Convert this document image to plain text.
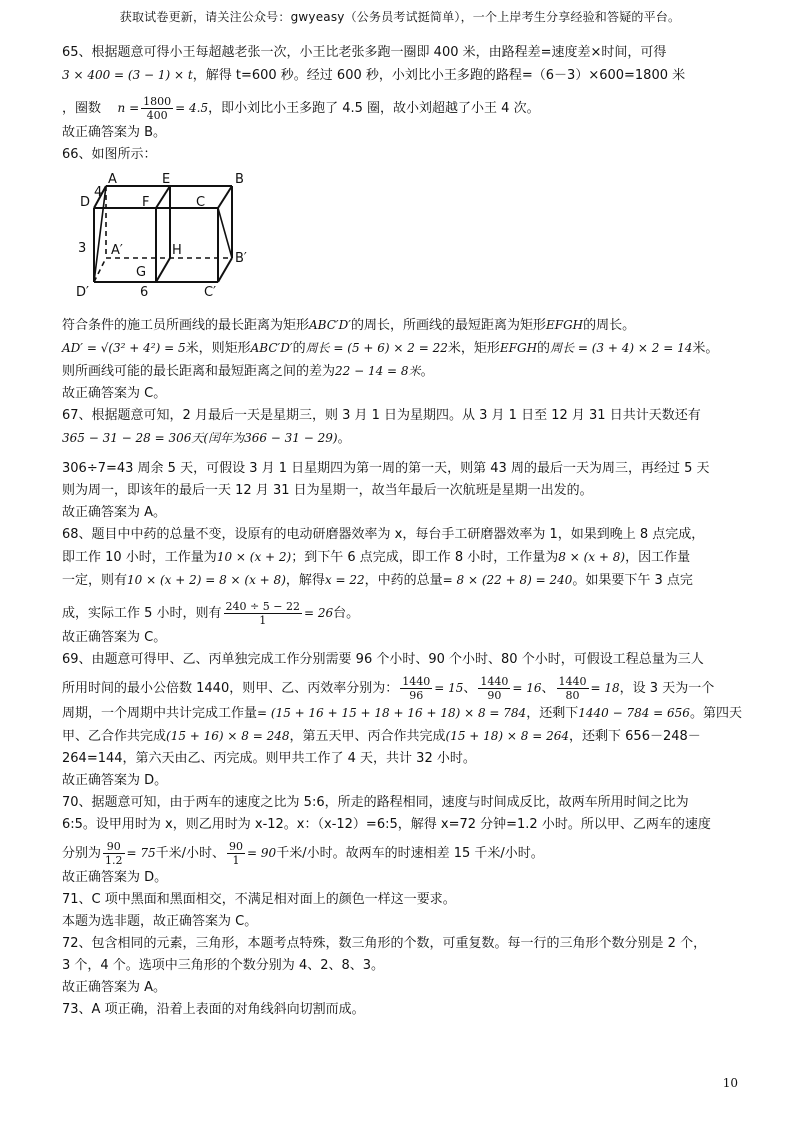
获取试卷更新，请关注公众号：gwyeasy（公务员考试挺简单），一个上岸考生分享经验和答疑的平台。

65、根据题意可得小王每超越老张一次，小王比老张多跑一圈即 400 米，由路程差=速度差×时间，可得

3 × 400 = (3 − 1) × t，解得 t=600 秒。经过 600 秒，小刘比小王多跑的路程=（6－3）×600=1800 米

，圈数 $n = \frac{1800}{400} = 4.5$，即小刘比小王多跑了 4.5 圈，故小刘超越了小王 4 次。

故正确答案为 B。

66、如图所示：

A	E	B
D
4
F	C
3 A′	H
B′
G
6
D′	C′

符合条件的施工员所画线的最长距离为矩形ABC′D′的周长，所画线的最短距离为矩形EFGH的周长。

AD′ = √(3² + 4²) = 5米，则矩形ABC′D′的周长 = (5 + 6) × 2 = 22米，矩形EFGH的周长 = (3 + 4) × 2 = 14米。

则所画线可能的最长距离和最短距离之间的差为22 − 14 = 8米。

故正确答案为 C。

67、根据题意可知，2 月最后一天是星期三，则 3 月 1 日为星期四。从 3 月 1 日至 12 月 31 日共计天数还有

365 − 31 − 28 = 306天(闰年为366 − 31 − 29)。

306÷7=43 周余 5 天，可假设 3 月 1 日星期四为第一周的第一天，则第 43 周的最后一天为周三，再经过 5 天

则为周一，即该年的最后一天 12 月 31 日为星期一，故当年最后一次航班是星期一出发的。

故正确答案为 A。

68、题目中中药的总量不变，设原有的电动研磨器效率为 x，每台手工研磨器效率为 1，如果到晚上 8 点完成，

即工作 10 小时，工作量为10 × (x + 2)；到下午 6 点完成，即工作 8 小时，工作量为8 × (x + 8)，因工作量

一定，则有10 × (x + 2) = 8 × (x + 8)，解得x = 22，中药的总量= 8 × (22 + 8) = 240。如果要下午 3 点完

成，实际工作 5 小时，则有 $\frac{240 \div 5 - 22}{1} = 26$台。

故正确答案为 C。

69、由题意可得甲、乙、丙单独完成工作分别需要 96 个小时、90 个小时、80 个小时，可假设工程总量为三人

所用时间的最小公倍数 1440，则甲、乙、丙效率分别为： $\frac{1440}{96} = 15$、 $\frac{1440}{90} = 16$、 $\frac{1440}{80} = 18$，设 3 天为一个

周期，一个周期中共计完成工作量= (15 + 16 + 15 + 18 + 16 + 18) × 8 = 784，还剩下1440 − 784 = 656。第四天

甲、乙合作共完成(15 + 16) × 8 = 248，第五天甲、丙合作共完成(15 + 18) × 8 = 264，还剩下 656－248－

264=144，第六天由乙、丙完成。则甲共工作了 4 天，共计 32 小时。

故正确答案为 D。

70、据题意可知，由于两车的速度之比为 5:6，所走的路程相同，速度与时间成反比，故两车所用时间之比为

6:5。设甲用时为 x，则乙用时为 x-12。x：（x-12）=6:5，解得 x=72 分钟=1.2 小时。所以甲、乙两车的速度

分别为 $\frac{90}{1.2} = 75$千米/小时、 $\frac{90}{1} = 90$千米/小时。故两车的时速相差 15 千米/小时。

故正确答案为 D。

71、C 项中黑面和黑面相交，不满足相对面上的颜色一样这一要求。

本题为选非题，故正确答案为 C。

72、包含相同的元素，三角形，本题考点特殊，数三角形的个数，可重复数。每一行的三角形个数分别是 2 个，

3 个，4 个。选项中三角形的个数分别为 4、2、8、3。

故正确答案为 A。

73、A 项正确，沿着上表面的对角线斜向切割而成。

10
